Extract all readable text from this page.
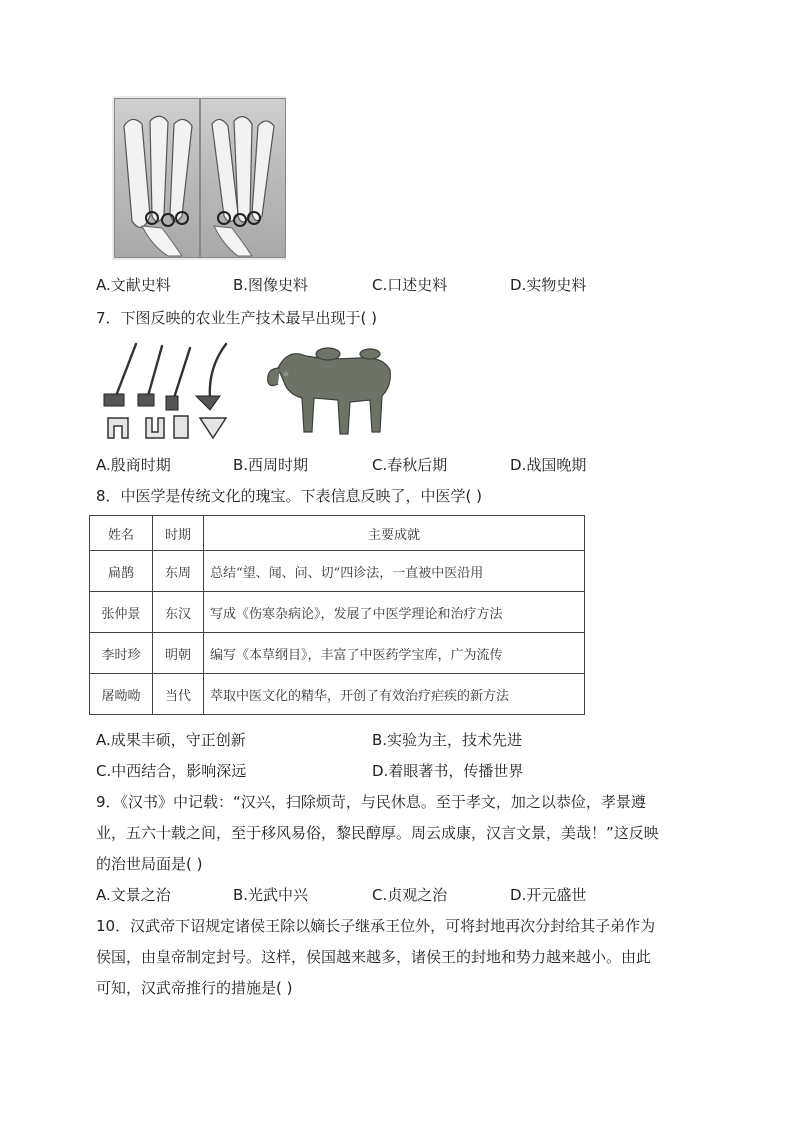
A.文献史料	B.图像史料	C.口述史料	D.实物史料
7．下图反映的农业生产技术最早出现于( )
A.殷商时期	B.西周时期	C.春秋后期	D.战国晚期
8．中医学是传统文化的瑰宝。下表信息反映了，中医学( )
姓名	时期	主要成就
扁鹊	东周	总结“望、闻、问、切”四诊法，一直被中医沿用
张仲景	东汉	写成《伤寒杂病论》，发展了中医学理论和治疗方法
李时珍	明朝	编写《本草纲目》，丰富了中医药学宝库，广为流传
屠呦呦	当代	萃取中医文化的精华，开创了有效治疗疟疾的新方法
A.成果丰硕，守正创新	B.实验为主，技术先进
C.中西结合，影响深远	D.着眼著书，传播世界
9．《汉书》中记载：“汉兴，扫除烦苛，与民休息。至于孝文，加之以恭俭，孝景遵
业，五六十载之间，至于移风易俗，黎民醇厚。周云成康，汉言文景，美哉！”这反映
的治世局面是( )
A.文景之治	B.光武中兴	C.贞观之治	D.开元盛世
10．汉武帝下诏规定诸侯王除以嫡长子继承王位外，可将封地再次分封给其子弟作为
侯国，由皇帝制定封号。这样，侯国越来越多，诸侯王的封地和势力越来越小。由此
可知，汉武帝推行的措施是( )
